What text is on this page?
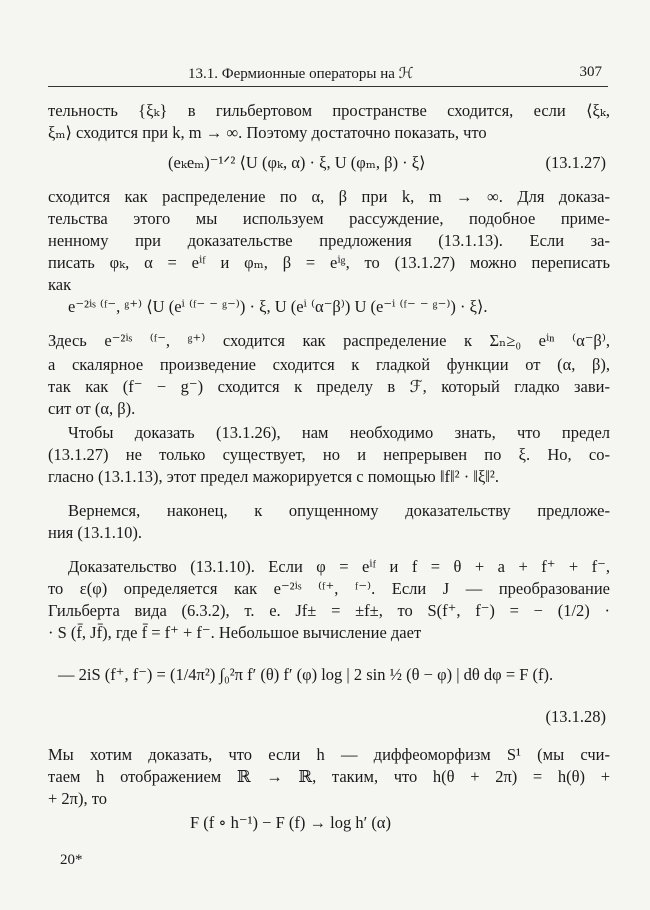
13.1. Фермионные операторы на ℋ	307
тельность {ξₖ} в гильбертовом пространстве сходится, если ⟨ξₖ,
ξₘ⟩ сходится при k, m → ∞. Поэтому достаточно показать, что
(eₖeₘ)⁻¹ᐟ² ⟨U (φₖ, α) · ξ, U (φₘ, β) · ξ⟩	(13.1.27)
сходится как распределение по α, β при k, m → ∞. Для доказа-
тельства этого мы используем рассуждение, подобное приме-
ненному при доказательстве предложения (13.1.13). Если за-
писать φₖ, α = eⁱᶠ и φₘ, β = eⁱᵍ, то (13.1.27) можно переписать
как
e⁻²ⁱˢ ⁽ᶠ⁻, ᵍ⁺⁾ ⟨U (eⁱ ⁽ᶠ⁻ ⁻ ᵍ⁻⁾) · ξ, U (eⁱ ⁽α⁻β⁾) U (e⁻ⁱ ⁽ᶠ⁻ ⁻ ᵍ⁻⁾) · ξ⟩.
Здесь e⁻²ⁱˢ ⁽ᶠ⁻, ᵍ⁺⁾ сходится как распределение к Σₙ≥₀ eⁱⁿ ⁽α⁻β⁾,
а скалярное произведение сходится к гладкой функции от (α, β),
так как (f⁻ − g⁻) сходится к пределу в ℱ, который гладко зави-
сит от (α, β).
Чтобы доказать (13.1.26), нам необходимо знать, что предел
(13.1.27) не только существует, но и непрерывен по ξ. Но, со-
гласно (13.1.13), этот предел мажорируется с помощью ‖f‖² · ‖ξ‖².
Вернемся, наконец, к опущенному доказательству предложе-
ния (13.1.10).
Доказательство (13.1.10). Если φ = eⁱᶠ и f = θ + a + f⁺ + f⁻,
то ε(φ) определяется как e⁻²ⁱˢ ⁽ᶠ⁺, ᶠ⁻⁾. Если J — преобразование
Гильберта вида (6.3.2), т. е. Jf± = ±f±, то S(f⁺, f⁻) = − (1/2) ·
· S (f̄, Jf̄), где f̄ = f⁺ + f⁻. Небольшое вычисление дает
— 2iS (f⁺, f⁻) = (1/4π²) ∫₀²π f′ (θ) f′ (φ) log | 2 sin ½ (θ − φ) | dθ dφ = F (f).
(13.1.28)
Мы хотим доказать, что если h — диффеоморфизм S¹ (мы счи-
таем h отображением ℝ → ℝ, таким, что h(θ + 2π) = h(θ) +
+ 2π), то
F (f ∘ h⁻¹) − F (f) → log h′ (α)
20*
